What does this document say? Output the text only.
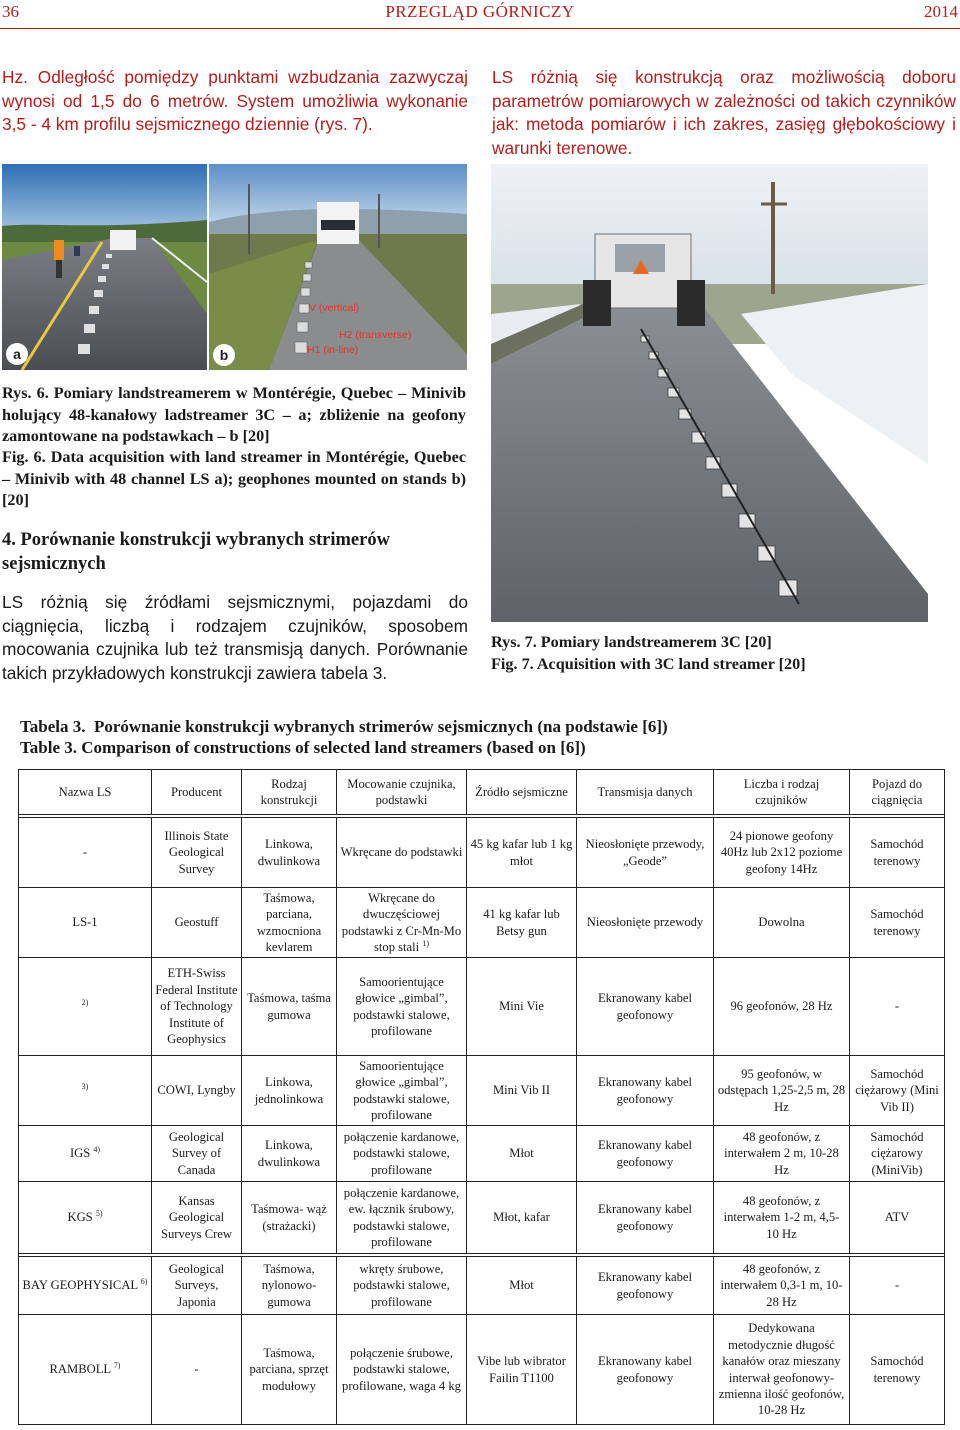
36	PRZEGLĄD GÓRNICZY	2014

Hz. Odległość pomiędzy punktami wzbudzania zazwyczaj wynosi od 1,5 do 6 metrów. System umożliwia wykonanie 3,5 - 4 km profilu sejsmicznego dziennie (rys. 7).

LS różnią się konstrukcją oraz możliwością doboru parametrów pomiarowych w zależności od takich czynników jak: metoda pomiarów i ich zakres, zasięg głębokościowy i warunki terenowe.

a	b
V (vertical)
H2 (transverse)
H1 (in-line)

Rys. 6. Pomiary landstreamerem w Montérégie, Quebec – Minivib holujący 48-kanałowy ladstreamer 3C – a; zbliżenie na geofony zamontowane na podstawkach – b [20]

Fig. 6. Data acquisition with land streamer in Montérégie, Quebec – Minivib with 48 channel LS a); geophones mounted on stands b) [20]

4. Porównanie konstrukcji wybranych strimerów sejsmicznych

LS różnią się źródłami sejsmicznymi, pojazdami do ciągnięcia, liczbą i rodzajem czujników, sposobem mocowania czujnika lub też transmisją danych. Porównanie takich przykładowych konstrukcji zawiera tabela 3.

Rys. 7. Pomiary landstreamerem 3C [20]

Fig. 7. Acquisition with 3C land streamer [20]

Tabela 3.  Porównanie konstrukcji wybranych strimerów sejsmicznych (na podstawie [6])

Table 3. Comparison of constructions of selected land streamers (based on [6])

Nazwa LS	Producent	Rodzaj konstrukcji	Mocowanie czujnika, podstawki	Źródło sejsmiczne	Transmisja danych	Liczba i rodzaj czujników	Pojazd do ciągnięcia

-	Illinois State Geological Survey	Linkowa, dwulinkowa	Wkręcane do podstawki	45 kg kafar lub 1 kg młot	Nieosłonięte przewody, „Geode”	24 pionowe geofony 40Hz lub 2x12 poziome geofony 14Hz	Samochód terenowy
LS-1	Geostuff	Taśmowa, parciana, wzmocniona kevlarem	Wkręcane do dwuczęściowej podstawki z Cr-Mn-Mo stop stali $^{1)}$	41 kg kafar lub Betsy gun	Nieosłonięte przewody	Dowolna	Samochód terenowy
$^{2)}$	ETH-Swiss Federal Institute of Technology Institute of Geophysics	Taśmowa, taśma gumowa	Samoorientujące głowice „gimbal”, podstawki stalowe, profilowane	Mini Vie	Ekranowany kabel geofonowy	96 geofonów, 28 Hz	-
$^{3)}$	COWI, Lyngby	Linkowa, jednolinkowa	Samoorientujące głowice „gimbal”, podstawki stalowe, profilowane	Mini Vib II	Ekranowany kabel geofonowy	95 geofonów, w odstępach 1,25-2,5 m, 28 Hz	Samochód ciężarowy (Mini Vib II)
IGS $^{4)}$	Geological Survey of Canada	Linkowa, dwulinkowa	połączenie kardanowe, podstawki stalowe, profilowane	Młot	Ekranowany kabel geofonowy	48 geofonów, z interwałem 2 m, 10-28 Hz	Samochód ciężarowy (MiniVib)
KGS $^{5)}$	Kansas Geological Surveys Crew	Taśmowa- wąż (strażacki)	połączenie kardanowe, ew. łącznik śrubowy, podstawki stalowe, profilowane	Młot, kafar	Ekranowany kabel geofonowy	48 geofonów, z interwałem 1-2 m, 4,5- 10 Hz	ATV

BAY GEOPHYSICAL $^{6)}$	Geological Surveys, Japonia	Taśmowa, nylonowo-gumowa	wkręty śrubowe, podstawki stalowe, profilowane	Młot	Ekranowany kabel geofonowy	48 geofonów, z interwałem 0,3-1 m, 10-28 Hz	-
RAMBOLL $^{7)}$	-	Taśmowa, parciana, sprzęt modułowy	połączenie śrubowe, podstawki stalowe, profilowane, waga 4 kg	Vibe lub wibrator Failin T1100	Ekranowany kabel geofonowy	Dedykowana metodycznie długość kanałów oraz mieszany interwał geofonowy- zmienna ilość geofonów, 10-28 Hz	Samochód terenowy
